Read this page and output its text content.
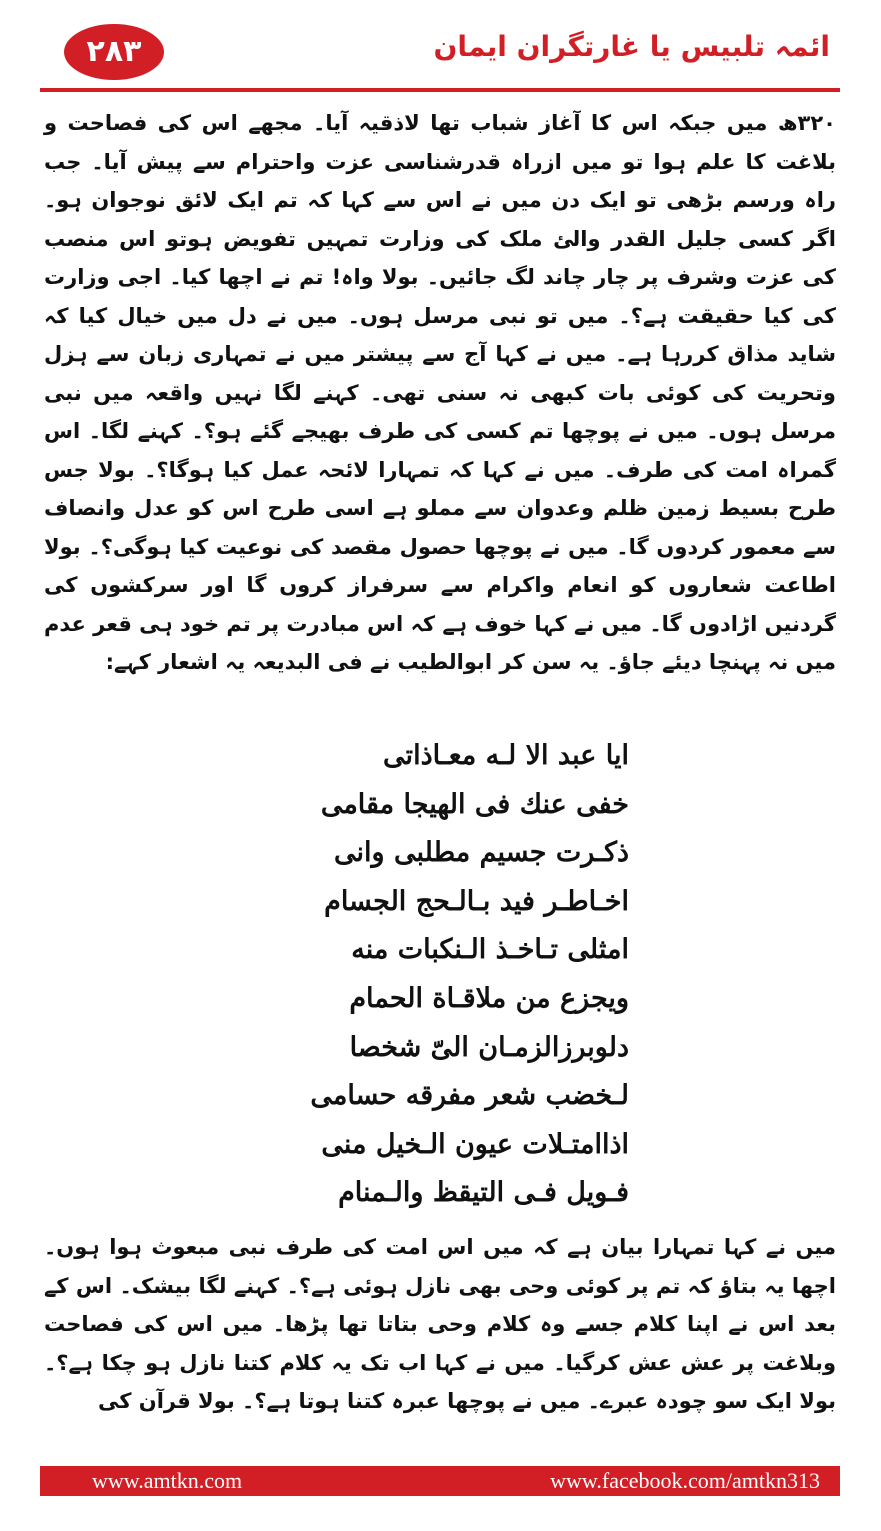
۲۸۳	ائمہ تلبیس یا غارتگران ایمان

۳۲۰ھ میں جبکہ اس کا آغاز شباب تھا لاذقیہ آیا۔ مجھے اس کی فصاحت و بلاغت کا علم ہوا تو میں ازراہ قدرشناسی عزت واحترام سے پیش آیا۔ جب راہ ورسم بڑھی تو ایک دن میں نے اس سے کہا کہ تم ایک لائق نوجوان ہو۔ اگر کسی جلیل القدر والئ ملک کی وزارت تمہیں تفویض ہوتو اس منصب کی عزت وشرف پر چار چاند لگ جائیں۔ بولا واہ! تم نے اچھا کیا۔ اجی وزارت کی کیا حقیقت ہے؟۔ میں تو نبی مرسل ہوں۔ میں نے دل میں خیال کیا کہ شاید مذاق کررہا ہے۔ میں نے کہا آج سے پیشتر میں نے تمہاری زبان سے ہزل وتحریت کی کوئی بات کبھی نہ سنی تھی۔ کہنے لگا نہیں واقعہ میں نبی مرسل ہوں۔ میں نے پوچھا تم کسی کی طرف بھیجے گئے ہو؟۔ کہنے لگا۔ اس گمراہ امت کی طرف۔ میں نے کہا کہ تمہارا لائحہ عمل کیا ہوگا؟۔ بولا جس طرح بسیط زمین ظلم وعدوان سے مملو ہے اسی طرح اس کو عدل وانصاف سے معمور کردوں گا۔ میں نے پوچھا حصول مقصد کی نوعیت کیا ہوگی؟۔ بولا اطاعت شعاروں کو انعام واکرام سے سرفراز کروں گا اور سرکشوں کی گردنیں اڑادوں گا۔ میں نے کہا خوف ہے کہ اس مبادرت پر تم خود ہی قعر عدم میں نہ پہنچا دیئے جاؤ۔ یہ سن کر ابوالطیب نے فی البدیعہ یہ اشعار کہے:

ایا عبد الا لـه معـاذاتی
خفی عنك فی الهیجا مقامی
ذکـرت جسیم مطلبی وانی
اخـاطـر فید بـالـحج الجسام
امثلی تـاخـذ الـنکبات منه
ویجزع من ملاقـاة الحمام
دلوبرزالزمـان الیّ شخصا
لـخضب شعر مفرقه حسامی
اذاامتـلات عیون الـخیل منی
فـویل فـی التیقظ والـمنام

میں نے کہا تمہارا بیان ہے کہ میں اس امت کی طرف نبی مبعوث ہوا ہوں۔ اچھا یہ بتاؤ کہ تم پر کوئی وحی بھی نازل ہوئی ہے؟۔ کہنے لگا بیشک۔ اس کے بعد اس نے اپنا کلام جسے وہ کلام وحی بتاتا تھا پڑھا۔ میں اس کی فصاحت وبلاغت پر عش عش کرگیا۔ میں نے کہا اب تک یہ کلام کتنا نازل ہو چکا ہے؟۔ بولا ایک سو چودہ عبرے۔ میں نے پوچھا عبرہ کتنا ہوتا ہے؟۔ بولا قرآن کی

www.amtkn.com	www.facebook.com/amtkn313
